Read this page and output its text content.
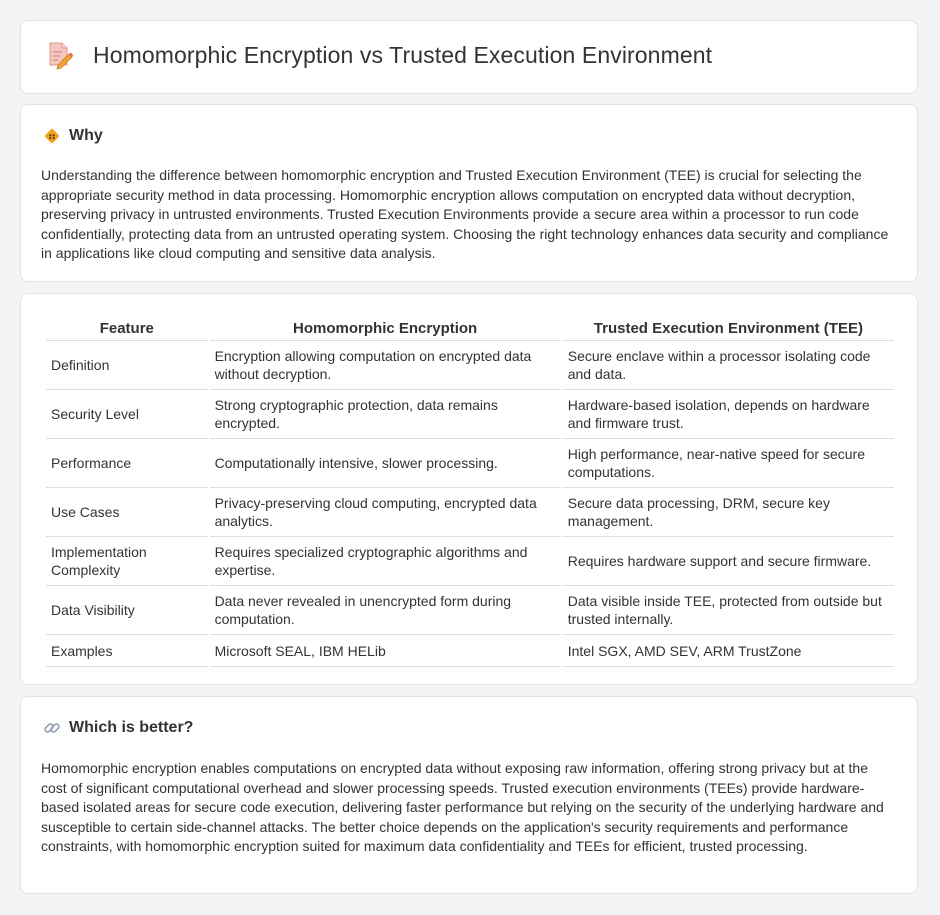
Homomorphic Encryption vs Trusted Execution Environment
Why

Understanding the difference between homomorphic encryption and Trusted Execution Environment (TEE) is crucial for selecting the appropriate security method in data processing. Homomorphic encryption allows computation on encrypted data without decryption, preserving privacy in untrusted environments. Trusted Execution Environments provide a secure area within a processor to run code confidentially, protecting data from an untrusted operating system. Choosing the right technology enhances data security and compliance in applications like cloud computing and sensitive data analysis.

Feature	Homomorphic Encryption	Trusted Execution Environment (TEE)
Definition	Encryption allowing computation on encrypted data without decryption.	Secure enclave within a processor isolating code and data.
Security Level	Strong cryptographic protection, data remains encrypted.	Hardware-based isolation, depends on hardware and firmware trust.
Performance	Computationally intensive, slower processing.	High performance, near-native speed for secure computations.
Use Cases	Privacy-preserving cloud computing, encrypted data analytics.	Secure data processing, DRM, secure key management.
Implementation Complexity	Requires specialized cryptographic algorithms and expertise.	Requires hardware support and secure firmware.
Data Visibility	Data never revealed in unencrypted form during computation.	Data visible inside TEE, protected from outside but trusted internally.
Examples	Microsoft SEAL, IBM HELib	Intel SGX, AMD SEV, ARM TrustZone
Which is better?

Homomorphic encryption enables computations on encrypted data without exposing raw information, offering strong privacy but at the cost of significant computational overhead and slower processing speeds. Trusted execution environments (TEEs) provide hardware-based isolated areas for secure code execution, delivering faster performance but relying on the security of the underlying hardware and susceptible to certain side-channel attacks. The better choice depends on the application's security requirements and performance constraints, with homomorphic encryption suited for maximum data confidentiality and TEEs for efficient, trusted processing.
